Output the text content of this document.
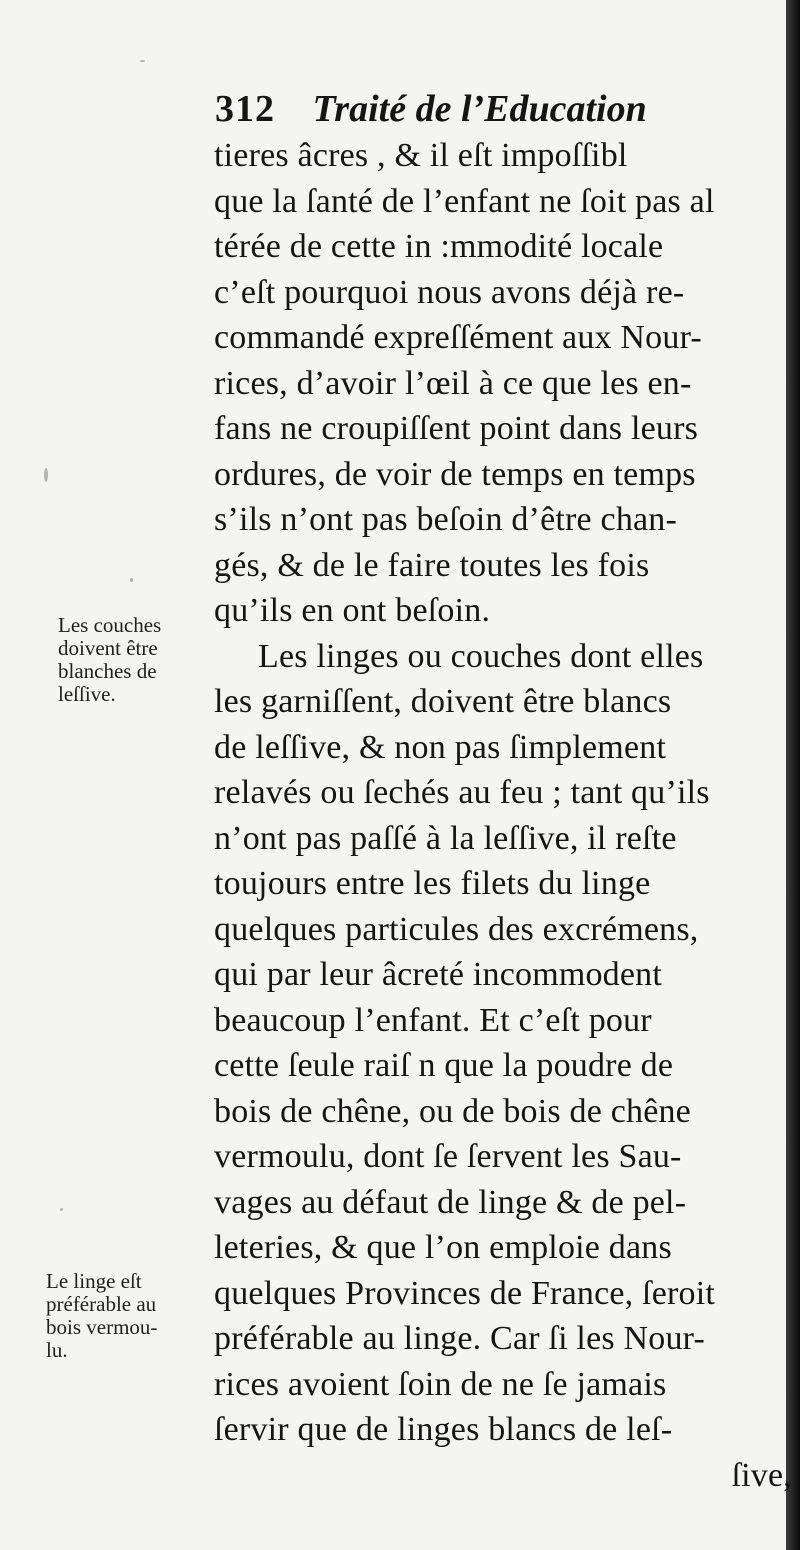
312 Traité de l’Education
tieres âcres , & il eſt impoſſibl
que la ſanté de l’enfant ne ſoit pas al
térée de cette in :mmodité locale
c’eſt pourquoi nous avons déjà re-
commandé expreſſément aux Nour-
rices, d’avoir l’œil à ce que les en-
fans ne croupiſſent point dans leurs
ordures, de voir de temps en temps
s’ils n’ont pas beſoin d’être chan-
gés, & de le faire toutes les fois
qu’ils en ont beſoin.
Les linges ou couches dont elles
les garniſſent, doivent être blancs
de leſſive, & non pas ſimplement
relavés ou ſechés au feu ; tant qu’ils
n’ont pas paſſé à la leſſive, il reſte
toujours entre les filets du linge
quelques particules des excrémens,
qui par leur âcreté incommodent
beaucoup l’enfant. Et c’eſt pour
cette ſeule raiſ n que la poudre de
bois de chêne, ou de bois de chêne
vermoulu, dont ſe ſervent les Sau-
vages au défaut de linge & de pel-
leteries, & que l’on emploie dans
quelques Provinces de France, ſeroit
préférable au linge. Car ſi les Nour-
rices avoient ſoin de ne ſe jamais
ſervir que de linges blancs de leſ-
ſive,
Les couches
doivent être
blanches de
leſſive.
Le linge eſt
préférable au
bois vermou-
lu.
